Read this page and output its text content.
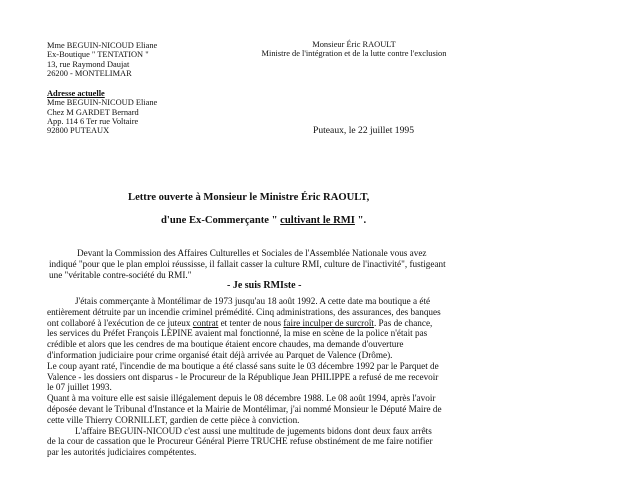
Mme BEGUIN-NICOUD Eliane
Ex-Boutique " TENTATION "
13, rue Raymond Daujat
26200 - MONTELIMAR
Adresse actuelle
Mme BEGUIN-NICOUD Eliane
Chez M GARDET Bernard
App. 114 6 Ter rue Voltaire
92800 PUTEAUX
Monsieur Éric RAOULT
Ministre de l'intégration et de la lutte contre l'exclusion
Puteaux, le 22 juillet 1995
Lettre ouverte à Monsieur le Ministre Éric RAOULT,
d'une Ex-Commerçante " cultivant le RMI ".
Devant la Commission des Affaires Culturelles et Sociales de l'Assemblée Nationale vous avez
indiqué "pour que le plan emploi réussisse, il fallait casser la culture RMI, culture de l'inactivité", fustigeant
une "véritable contre-société du RMI."
- Je suis RMIste -
J'étais commerçante à Montélimar de 1973 jusqu'au 18 août 1992. A cette date ma boutique a été
entièrement détruite par un incendie criminel prémédité. Cinq administrations, des assurances, des banques
ont collaboré à l'exécution de ce juteux contrat et tenter de nous faire inculper de surcroît. Pas de chance,
les services du Préfet François LÉPINE avaient mal fonctionné, la mise en scène de la police n'était pas
crédible et alors que les cendres de ma boutique étaient encore chaudes, ma demande d'ouverture
d'information judiciaire pour crime organisé était déjà arrivée au Parquet de Valence (Drôme).
Le coup ayant raté, l'incendie de ma boutique a été classé sans suite le 03 décembre 1992 par le Parquet de
Valence - les dossiers ont disparus - le Procureur de la République Jean PHILIPPE a refusé de me recevoir
le 07 juillet 1993.
Quant à ma voiture elle est saisie illégalement depuis le 08 décembre 1988. Le 08 août 1994, après l'avoir
déposée devant le Tribunal d'Instance et la Mairie de Montélimar, j'ai nommé Monsieur le Député Maire de
cette ville Thierry CORNILLET, gardien de cette pièce à conviction.
L'affaire BEGUIN-NICOUD c'est aussi une multitude de jugements bidons dont deux faux arrêts
de la cour de cassation que le Procureur Général Pierre TRUCHE refuse obstinément de me faire notifier
par les autorités judiciaires compétentes.
